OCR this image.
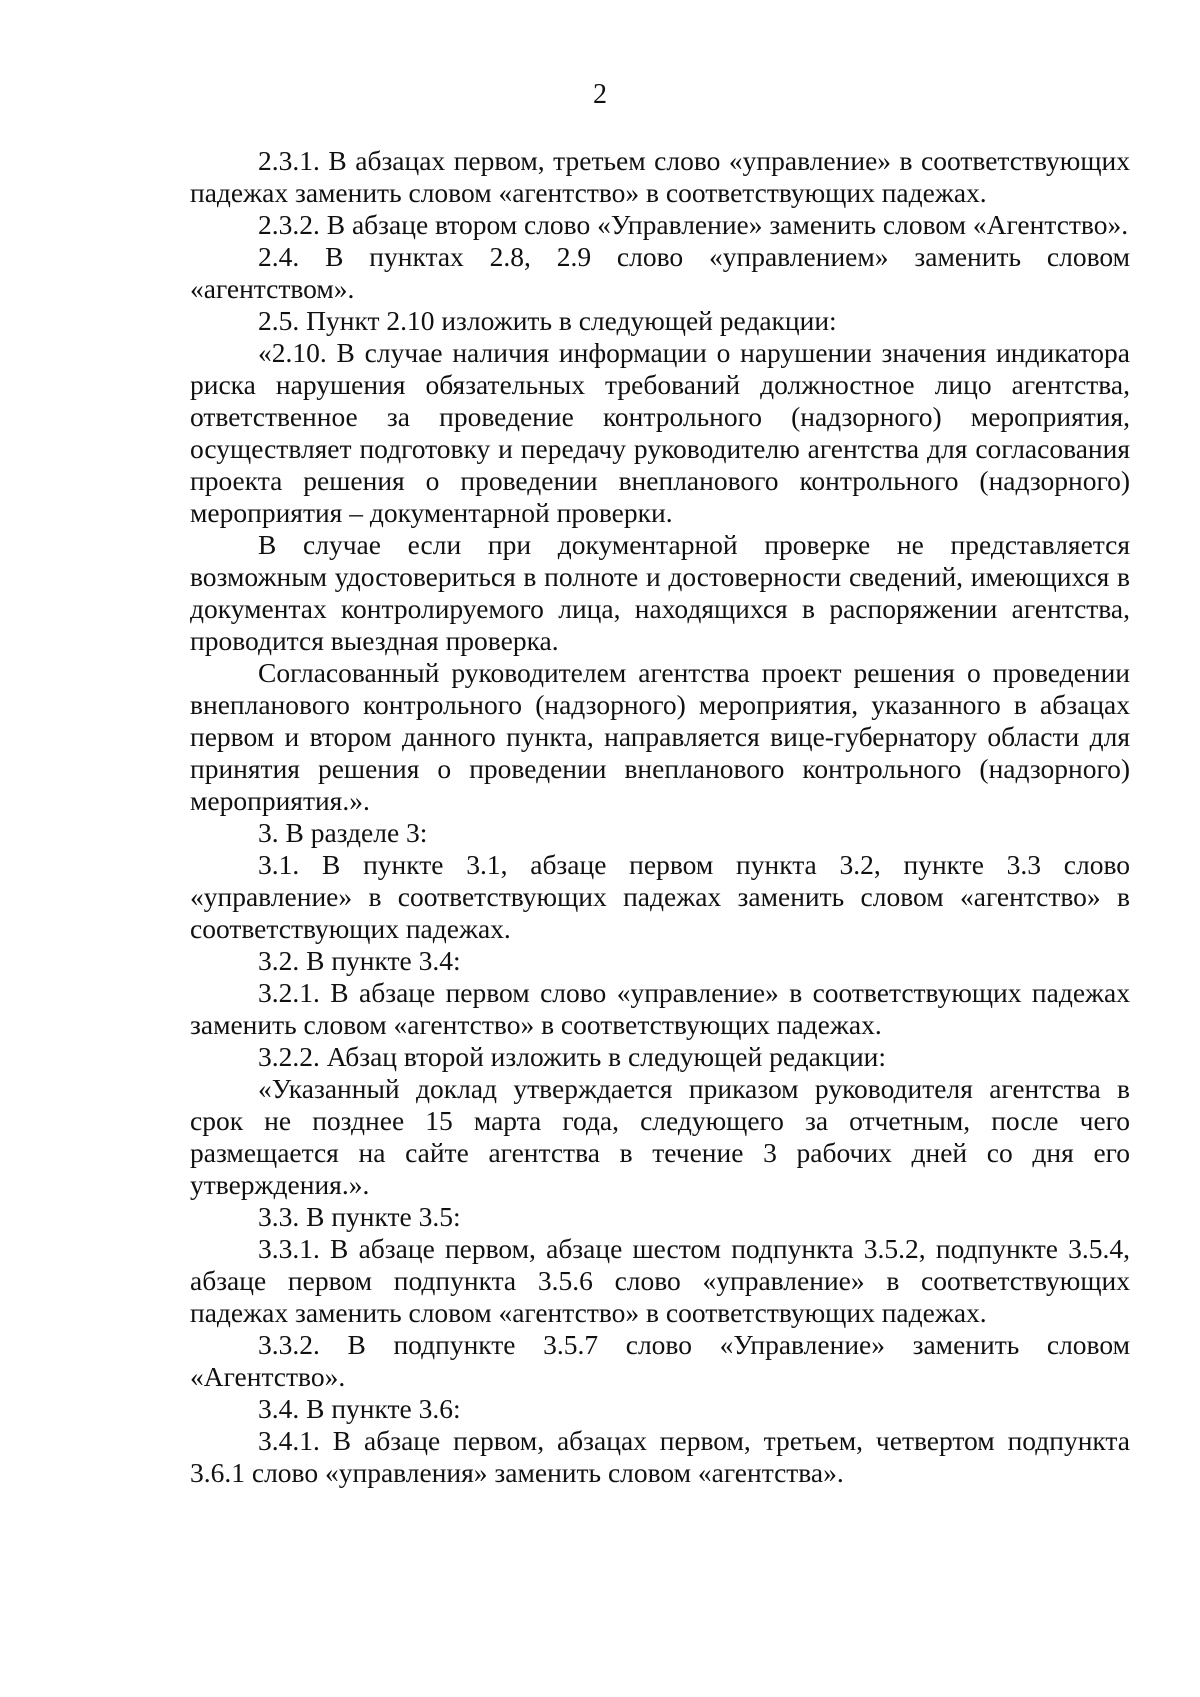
2

2.3.1. В абзацах первом, третьем слово «управление» в соответствующих падежах заменить словом «агентство» в соответствующих падежах.

2.3.2. В абзаце втором слово «Управление» заменить словом «Агентство».

2.4. В пунктах 2.8, 2.9 слово «управлением» заменить словом «агентством».

2.5. Пункт 2.10 изложить в следующей редакции:

«2.10. В случае наличия информации о нарушении значения индикатора риска нарушения обязательных требований должностное лицо агентства, ответственное за проведение контрольного (надзорного) мероприятия, осуществляет подготовку и передачу руководителю агентства для согласования проекта решения о проведении внепланового контрольного (надзорного) мероприятия – документарной проверки.

В случае если при документарной проверке не представляется возможным удостовериться в полноте и достоверности сведений, имеющихся в документах контролируемого лица, находящихся в распоряжении агентства, проводится выездная проверка.

Согласованный руководителем агентства проект решения о проведении внепланового контрольного (надзорного) мероприятия, указанного в абзацах первом и втором данного пункта, направляется вице-губернатору области для принятия решения о проведении внепланового контрольного (надзорного) мероприятия.».

3. В разделе 3:

3.1. В пункте 3.1, абзаце первом пункта 3.2, пункте 3.3 слово «управление» в соответствующих падежах заменить словом «агентство» в соответствующих падежах.

3.2. В пункте 3.4:

3.2.1. В абзаце первом слово «управление» в соответствующих падежах заменить словом «агентство» в соответствующих падежах.

3.2.2. Абзац второй изложить в следующей редакции:

«Указанный доклад утверждается приказом руководителя агентства в срок не позднее 15 марта года, следующего за отчетным, после чего размещается на сайте агентства в течение 3 рабочих дней со дня его утверждения.».

3.3. В пункте 3.5:

3.3.1. В абзаце первом, абзаце шестом подпункта 3.5.2, подпункте 3.5.4, абзаце первом подпункта 3.5.6 слово «управление» в соответствующих падежах заменить словом «агентство» в соответствующих падежах.

3.3.2. В подпункте 3.5.7 слово «Управление» заменить словом «Агентство».

3.4. В пункте 3.6:

3.4.1. В абзаце первом, абзацах первом, третьем, четвертом подпункта 3.6.1 слово «управления» заменить словом «агентства».
